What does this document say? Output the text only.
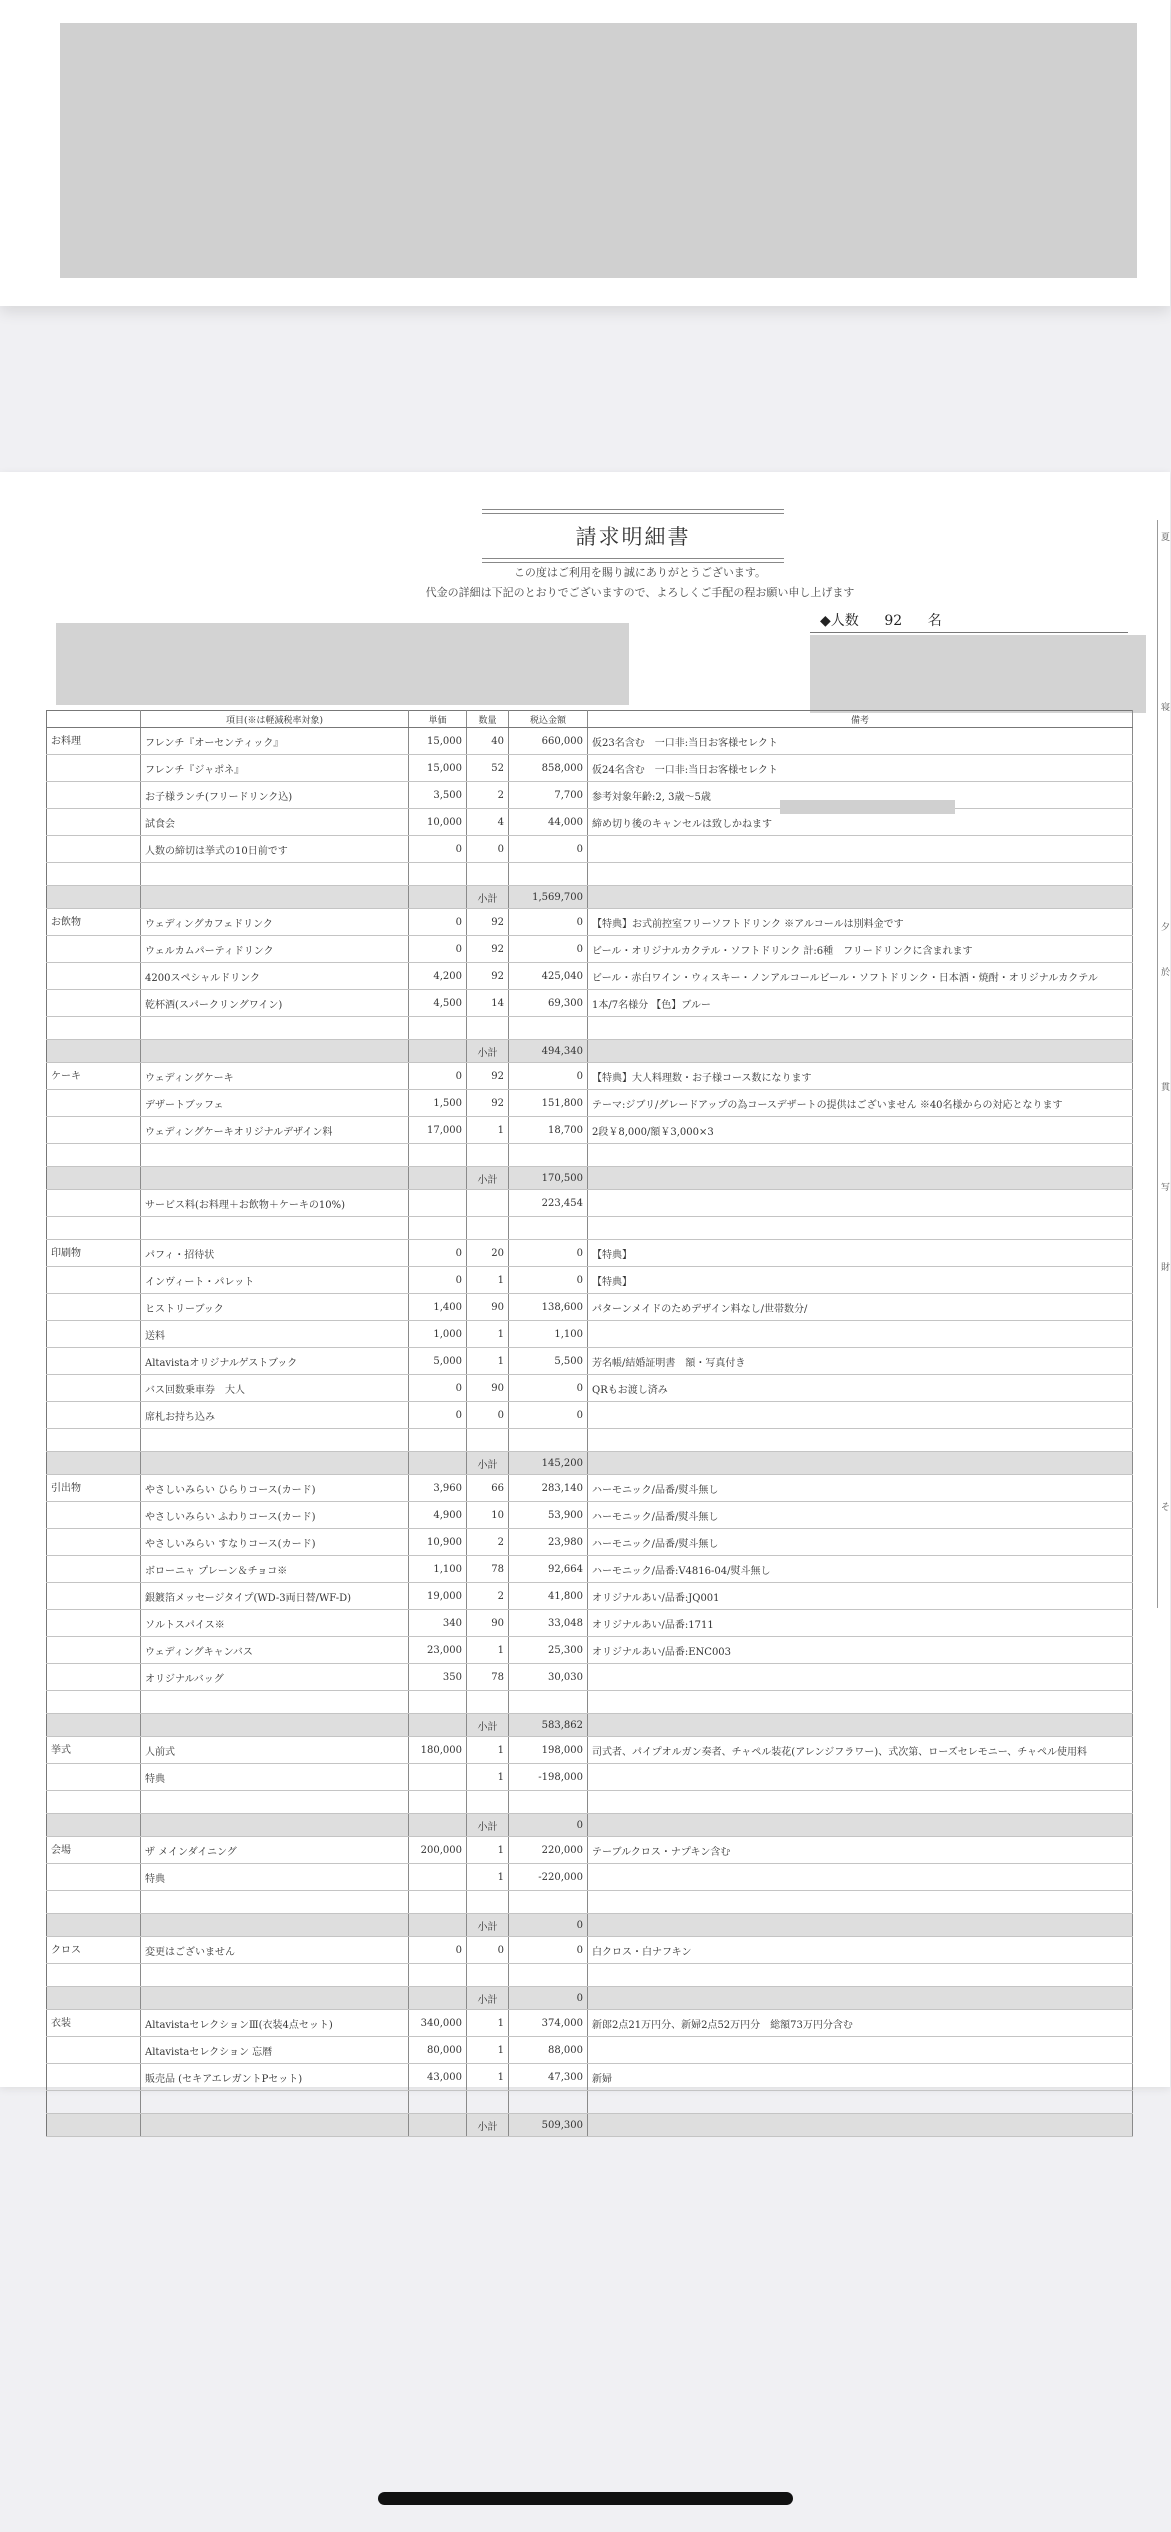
請求明細書
この度はご利用を賜り誠にありがとうございます。
代金の詳細は下記のとおりでございますので、よろしくご手配の程お願い申し上げます
◆人数 92 名
夏
寝
夕
於
貫
写
財
そ
	項目(※は軽減税率対象)	単価	数量	税込金額	備考
お料理	フレンチ『オーセンティック』	15,000	40	660,000	仮23名含む　一口非:当日お客様セレクト
	フレンチ『ジャポネ』	15,000	52	858,000	仮24名含む　一口非:当日お客様セレクト
	お子様ランチ(フリードリンク込)	3,500	2	7,700	参考対象年齢:2, 3歳～5歳
	試食会	10,000	4	44,000	締め切り後のキャンセルは致しかねます
	人数の締切は挙式の10日前です	0	0	0	

			小計	1,569,700	
お飲物	ウェディングカフェドリンク	0	92	0	【特典】お式前控室フリーソフトドリンク ※アルコールは別料金です
	ウェルカムパーティドリンク	0	92	0	ビール・オリジナルカクテル・ソフトドリンク 計:6種　フリードリンクに含まれます
	4200スペシャルドリンク	4,200	92	425,040	ビール・赤白ワイン・ウィスキー・ノンアルコールビール・ソフトドリンク・日本酒・焼酎・オリジナルカクテル
	乾杯酒(スパークリングワイン)	4,500	14	69,300	1本/7名様分 【色】ブルー

			小計	494,340	
ケーキ	ウェディングケーキ	0	92	0	【特典】大人料理数・お子様コース数になります
	デザートブッフェ	1,500	92	151,800	テーマ:ジブリ/グレードアップの為コースデザートの提供はございません ※40名様からの対応となります
	ウェディングケーキオリジナルデザイン料	17,000	1	18,700	2段￥8,000/額￥3,000×3

			小計	170,500	
	サービス料(お料理＋お飲物＋ケーキの10%)			223,454	

印刷物	パフィ・招待状	0	20	0	【特典】
	インヴィート・パレット	0	1	0	【特典】
	ヒストリーブック	1,400	90	138,600	パターンメイドのためデザイン料なし/世帯数分/
	送料	1,000	1	1,100	
	Altavistaオリジナルゲストブック	5,000	1	5,500	芳名帳/結婚証明書　額・写真付き
	バス回数乗車券　大人	0	90	0	QRもお渡し済み
	席札お持ち込み	0	0	0	

			小計	145,200	
引出物	やさしいみらい ひらりコース(カード)	3,960	66	283,140	ハーモニック/品番/熨斗無し
	やさしいみらい ふわりコース(カード)	4,900	10	53,900	ハーモニック/品番/熨斗無し
	やさしいみらい すなりコース(カード)	10,900	2	23,980	ハーモニック/品番/熨斗無し
	ボローニャ プレーン＆チョコ※	1,100	78	92,664	ハーモニック/品番:V4816-04/熨斗無し
	銀鍍箔メッセージタイプ(WD-3両日替/WF-D)	19,000	2	41,800	オリジナルあい/品番:JQ001
	ソルトスパイス※	340	90	33,048	オリジナルあい/品番:1711
	ウェディングキャンバス	23,000	1	25,300	オリジナルあい/品番:ENC003
	オリジナルバッグ	350	78	30,030	

			小計	583,862	
挙式	人前式	180,000	1	198,000	司式者、パイプオルガン奏者、チャペル装花(アレンジフラワー)、式次第、ローズセレモニー、チャペル使用料
	特典		1	-198,000	

			小計	0	
会場	ザ メインダイニング	200,000	1	220,000	テーブルクロス・ナプキン含む
	特典		1	-220,000	

			小計	0	
クロス	変更はございません	0	0	0	白クロス・白ナフキン

			小計	0	
衣装	AltavistaセレクションⅢ(衣装4点セット)	340,000	1	374,000	新郎2点21万円分、新婦2点52万円分　総額73万円分含む
	Altavistaセレクション 忘暦	80,000	1	88,000	
	販売品 (セキアエレガントPセット)	43,000	1	47,300	新婦

			小計	509,300	
